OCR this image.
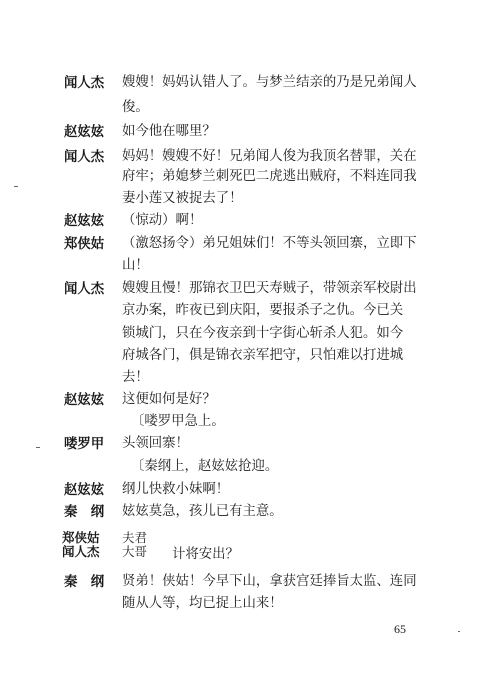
闻人杰 嫂嫂！妈妈认错人了。与梦兰结亲的乃是兄弟闻人
俊。
赵妶妶 如今他在哪里？
闻人杰 妈妈！嫂嫂不好！兄弟闻人俊为我顶名替罪，关在
府牢；弟媳梦兰刺死巴二虎逃出贼府，不料连同我
妻小莲又被捉去了！
赵妶妶 （惊动）啊！
郑侠姑 （激怒扬令）弟兄姐妹们！不等头领回寨，立即下
山！
闻人杰 嫂嫂且慢！那锦衣卫巴天寿贼子，带领亲军校尉出
京办案，昨夜已到庆阳，要报杀子之仇。今已关
锁城门，只在今夜亲到十字街心斩杀人犯。如今
府城各门，俱是锦衣亲军把守，只怕难以打进城
去！
赵妶妶 这便如何是好？
〔喽罗甲急上。
喽罗甲 头领回寨！
〔秦纲上，赵妶妶抢迎。
赵妶妶 纲儿快救小妹啊！
秦　纲 妶妶莫急，孩儿已有主意。
郑侠姑
闻人杰
夫君
大哥 计将安出？
秦　纲 贤弟！侠姑！今早下山，拿获宫廷捧旨太监、连同
随从人等，均已捉上山来！
65
